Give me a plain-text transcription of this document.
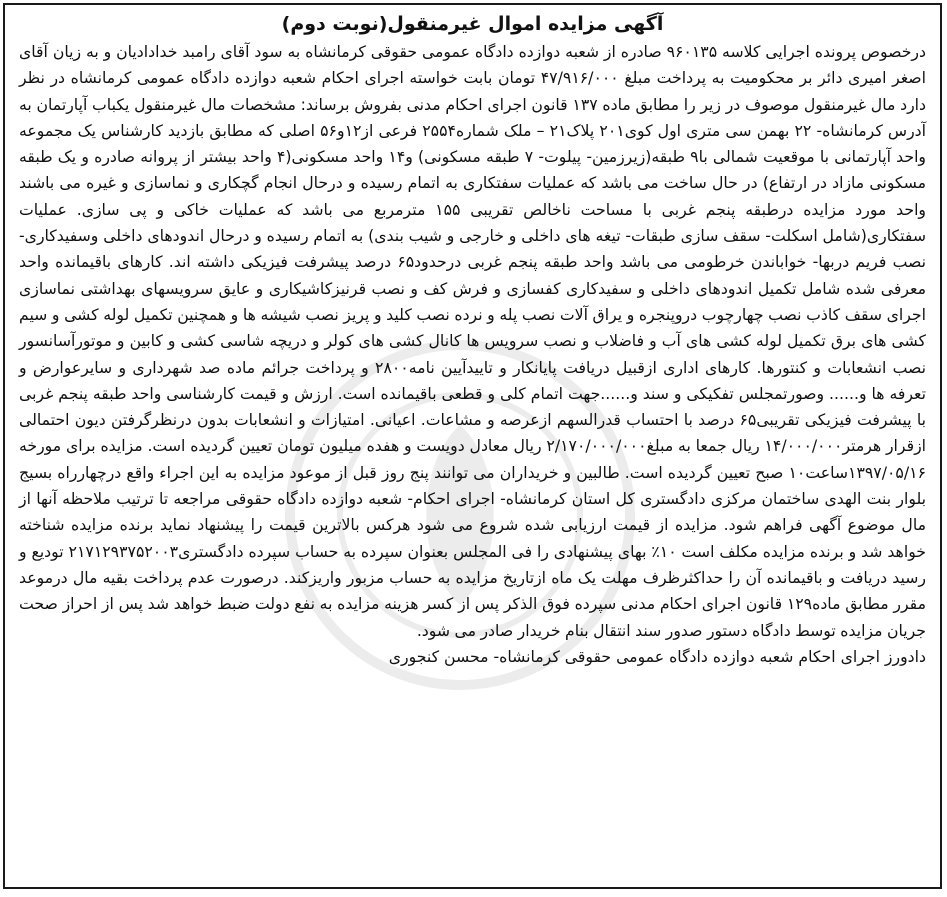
آگهی مزایده اموال غیرمنقول(نوبت دوم)

درخصوص پرونده اجرایی کلاسه ۹۶۰۱۳۵ صادره از شعبه دوازده دادگاه عمومی حقوقی کرمانشاه به سود آقای رامبد خدادادیان و به زیان آقای اصغر امیری دائر بر محکومیت به پرداخت مبلغ ۴۷/۹۱۶/۰۰۰ تومان بابت خواسته اجرای احکام شعبه دوازده دادگاه عمومی کرمانشاه در نظر دارد مال غیرمنقول موصوف در زیر را مطابق ماده ۱۳۷ قانون اجرای احکام مدنی بفروش برساند: مشخصات مال غیرمنقول یکباب آپارتمان به آدرس کرمانشاه- ۲۲ بهمن سی متری اول کوی۲۰۱ پلاک۲۱ – ملک شماره۲۵۵۴ فرعی از۱۲و۵۶ اصلی که مطابق بازدید کارشناس یک مجموعه واحد آپارتمانی با موقعیت شمالی با۹ طبقه(زیرزمین- پیلوت- ۷ طبقه مسکونی) و۱۴ واحد مسکونی(۴ واحد بیشتر از پروانه صادره و یک طبقه مسکونی مازاد در ارتفاع) در حال ساخت می باشد که عملیات سفتکاری به اتمام رسیده و درحال انجام گچکاری و نماسازی و غیره می باشند واحد مورد مزایده درطبقه پنجم غربی با مساحت ناخالص تقریبی ۱۵۵ مترمربع می باشد که عملیات خاکی و پی سازی. عملیات سفتکاری(شامل اسکلت- سقف سازی طبقات- تیغه های داخلی و خارجی و شیب بندی) به اتمام رسیده و درحال اندودهای داخلی وسفیدکاری- نصب فریم دربها- خواباندن خرطومی می باشد واحد طبقه پنجم غربی درحدود۶۵ درصد پیشرفت فیزیکی داشته اند. کارهای باقیمانده واحد معرفی شده شامل تکمیل اندودهای داخلی و سفیدکاری کفسازی و فرش کف و نصب قرنیزکاشیکاری و عایق سرویسهای بهداشتی نماسازی اجرای سقف کاذب نصب چهارچوب دروپنجره و یراق آلات نصب پله و نرده نصب کلید و پریز نصب شیشه ها و همچنین تکمیل لوله کشی و سیم کشی های برق تکمیل لوله کشی های آب و فاضلاب و نصب سرویس ها کانال کشی های کولر و دریچه شاسی کشی و کابین و موتورآسانسور نصب انشعابات و کنتورها. کارهای اداری ازقبیل دریافت پایانکار و تاییدآیین نامه۲۸۰۰ و پرداخت جرائم ماده صد شهرداری و سایرعوارض و تعرفه ها و...... وصورتمجلس تفکیکی و سند و......جهت اتمام کلی و قطعی باقیمانده است. ارزش و قیمت کارشناسی واحد طبقه پنجم غربی با پیشرفت فیزیکی تقریبی۶۵ درصد با احتساب قدرالسهم ازعرصه و مشاعات. اعیانی. امتیازات و انشعابات بدون درنظرگرفتن دیون احتمالی ازقرار هرمتر۱۴/۰۰۰/۰۰۰ ریال جمعا به مبلغ۲/۱۷۰/۰۰۰/۰۰۰ ریال معادل دویست و هفده میلیون تومان تعیین گردیده است. مزایده برای مورخه ۱۳۹۷/۰۵/۱۶ساعت۱۰ صبح تعیین گردیده است. طالبین و خریداران می توانند پنج روز قبل از موعود مزایده به این اجراء واقع درچهارراه بسیج بلوار بنت الهدی ساختمان مرکزی دادگستری کل استان کرمانشاه- اجرای احکام- شعبه دوازده دادگاه حقوقی مراجعه تا ترتیب ملاحظه آنها از مال موضوع آگهی فراهم شود. مزایده از قیمت ارزیابی شده شروع می شود هرکس بالاترین قیمت را پیشنهاد نماید برنده مزایده شناخته خواهد شد و برنده مزایده مکلف است ۱۰٪ بهای پیشنهادی را فی المجلس بعنوان سپرده به حساب سپرده دادگستری۲۱۷۱۲۹۳۷۵۲۰۰۳ تودیع و رسید دریافت و باقیمانده آن را حداکثرظرف مهلت یک ماه ازتاریخ مزایده به حساب مزبور واریزکند. درصورت عدم پرداخت بقیه مال درموعد مقرر مطابق ماده۱۲۹ قانون اجرای احکام مدنی سپرده فوق الذکر پس از کسر هزینه مزایده به نفع دولت ضبط خواهد شد پس از احراز صحت جریان مزایده توسط دادگاه دستور صدور سند انتقال بنام خریدار صادر می شود.

دادورز اجرای احکام شعبه دوازده دادگاه عمومی حقوقی کرمانشاه- محسن کنجوری
